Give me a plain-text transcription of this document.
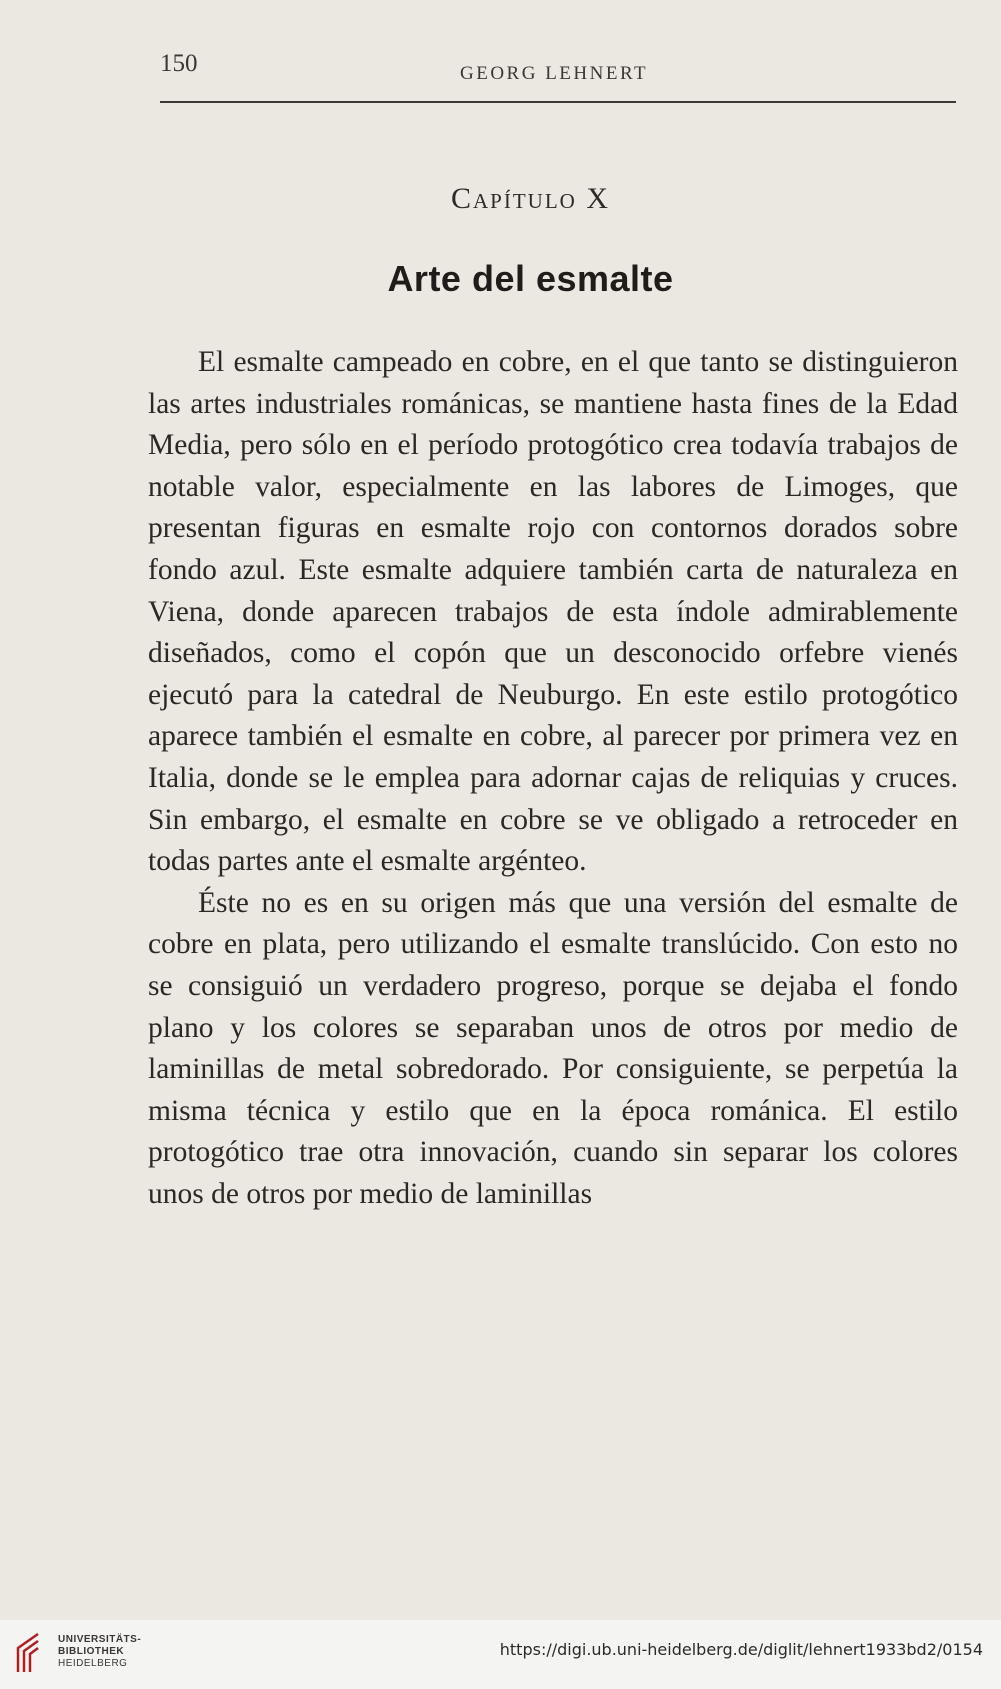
150	GEORG LEHNERT
Capítulo X
Arte del esmalte

El esmalte campeado en cobre, en el que tanto se distinguieron las artes industriales románicas, se mantiene hasta fines de la Edad Media, pero sólo en el período protogótico crea todavía trabajos de notable valor, especialmente en las labores de Limoges, que presentan figuras en esmalte rojo con contornos dorados sobre fondo azul. Este esmalte adquiere también carta de naturaleza en Viena, donde aparecen trabajos de esta índole admirablemente diseñados, como el copón que un desconocido orfebre vienés ejecutó para la catedral de Neuburgo. En este estilo protogótico aparece también el esmalte en cobre, al parecer por primera vez en Italia, donde se le emplea para adornar cajas de reliquias y cruces. Sin embargo, el esmalte en cobre se ve obligado a retroceder en todas partes ante el esmalte argénteo.

Éste no es en su origen más que una versión del esmalte de cobre en plata, pero utilizando el esmalte translúcido. Con esto no se consiguió un verdadero progreso, porque se dejaba el fondo plano y los colores se separaban unos de otros por medio de laminillas de metal sobredorado. Por consiguiente, se perpetúa la misma técnica y estilo que en la época románica. El estilo protogótico trae otra innovación, cuando sin separar los colores unos de otros por medio de laminillas

UNIVERSITÄTS-
BIBLIOTHEK
HEIDELBERG
https://digi.ub.uni-heidelberg.de/diglit/lehnert1933bd2/0154
